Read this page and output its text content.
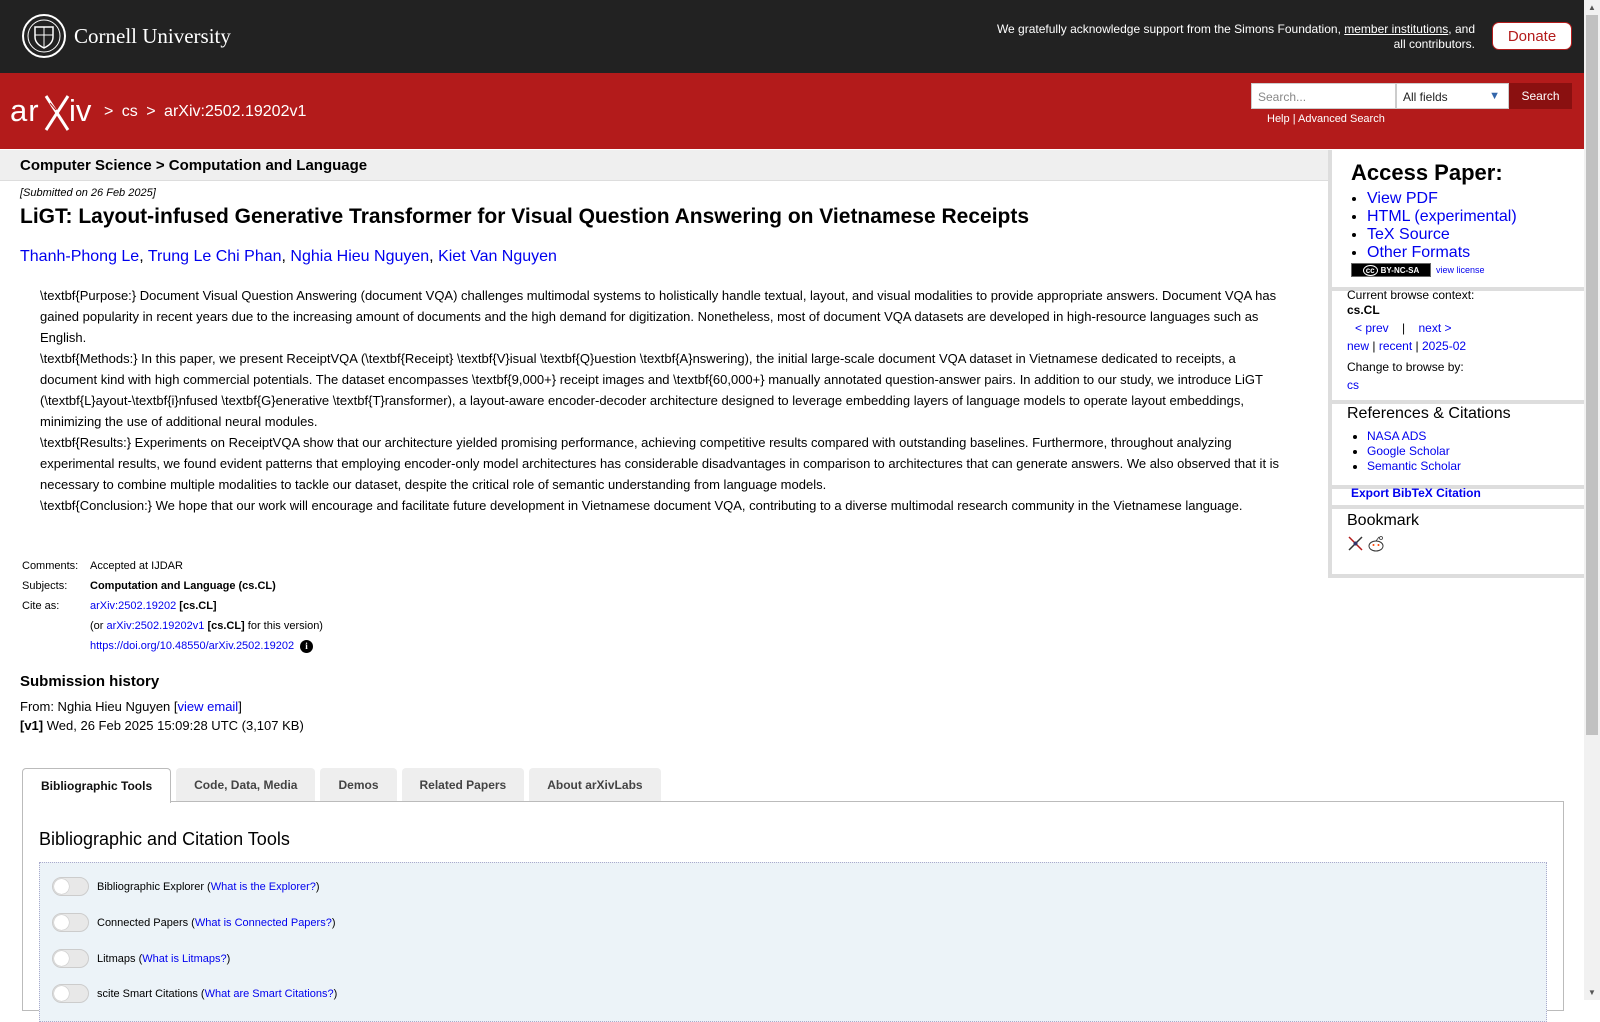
Cornell University	We gratefully acknowledge support from the Simons Foundation, member institutions, and all contributors.	Donate
ar iv > cs > arXiv:2502.19202v1
Search...	All fields	▼	Search
Help | Advanced Search
Computer Science > Computation and Language
[Submitted on 26 Feb 2025]
LiGT: Layout-infused Generative Transformer for Visual Question Answering on Vietnamese Receipts
Thanh-Phong Le, Trung Le Chi Phan, Nghia Hieu Nguyen, Kiet Van Nguyen

\textbf{Purpose:} Document Visual Question Answering (document VQA) challenges multimodal systems to holistically handle textual, layout, and visual modalities to provide appropriate answers. Document VQA has gained popularity in recent years due to the increasing amount of documents and the high demand for digitization. Nonetheless, most of document VQA datasets are developed in high-resource languages such as English.

\textbf{Methods:} In this paper, we present ReceiptVQA (\textbf{Receipt} \textbf{V}isual \textbf{Q}uestion \textbf{A}nswering), the initial large-scale document VQA dataset in Vietnamese dedicated to receipts, a document kind with high commercial potentials. The dataset encompasses \textbf{9,000+} receipt images and \textbf{60,000+} manually annotated question-answer pairs. In addition to our study, we introduce LiGT (\textbf{L}ayout-\textbf{i}nfused \textbf{G}enerative \textbf{T}ransformer), a layout-aware encoder-decoder architecture designed to leverage embedding layers of language models to operate layout embeddings, minimizing the use of additional neural modules.

\textbf{Results:} Experiments on ReceiptVQA show that our architecture yielded promising performance, achieving competitive results compared with outstanding baselines. Furthermore, throughout analyzing experimental results, we found evident patterns that employing encoder-only model architectures has considerable disadvantages in comparison to architectures that can generate answers. We also observed that it is necessary to combine multiple modalities to tackle our dataset, despite the critical role of semantic understanding from language models.

\textbf{Conclusion:} We hope that our work will encourage and facilitate future development in Vietnamese document VQA, contributing to a diverse multimodal research community in the Vietnamese language.

Comments:	Accepted at IJDAR
Subjects:	Computation and Language (cs.CL)
Cite as:	arXiv:2502.19202 [cs.CL]
	(or arXiv:2502.19202v1 [cs.CL] for this version)
	https://doi.org/10.48550/arXiv.2502.19202 i
Submission history
From: Nghia Hieu Nguyen [view email]
[v1] Wed, 26 Feb 2025 15:09:28 UTC (3,107 KB)
Bibliographic Tools	Code, Data, Media	Demos	Related Papers	About arXivLabs
Bibliographic and Citation Tools
Bibliographic Explorer ( What is the Explorer? )
Connected Papers ( What is Connected Papers? )
Litmaps ( What is Litmaps? )
scite Smart Citations ( What are Smart Citations? )
Access Paper:
• View PDF
• HTML (experimental)
• TeX Source
• Other Formats
cc BY-NC-SA view license
Current browse context:
cs.CL
< prev | next >
new | recent | 2025-02
Change to browse by:
cs
References & Citations
• NASA ADS
• Google Scholar
• Semantic Scholar
Export BibTeX Citation
Bookmark
▲
▼
